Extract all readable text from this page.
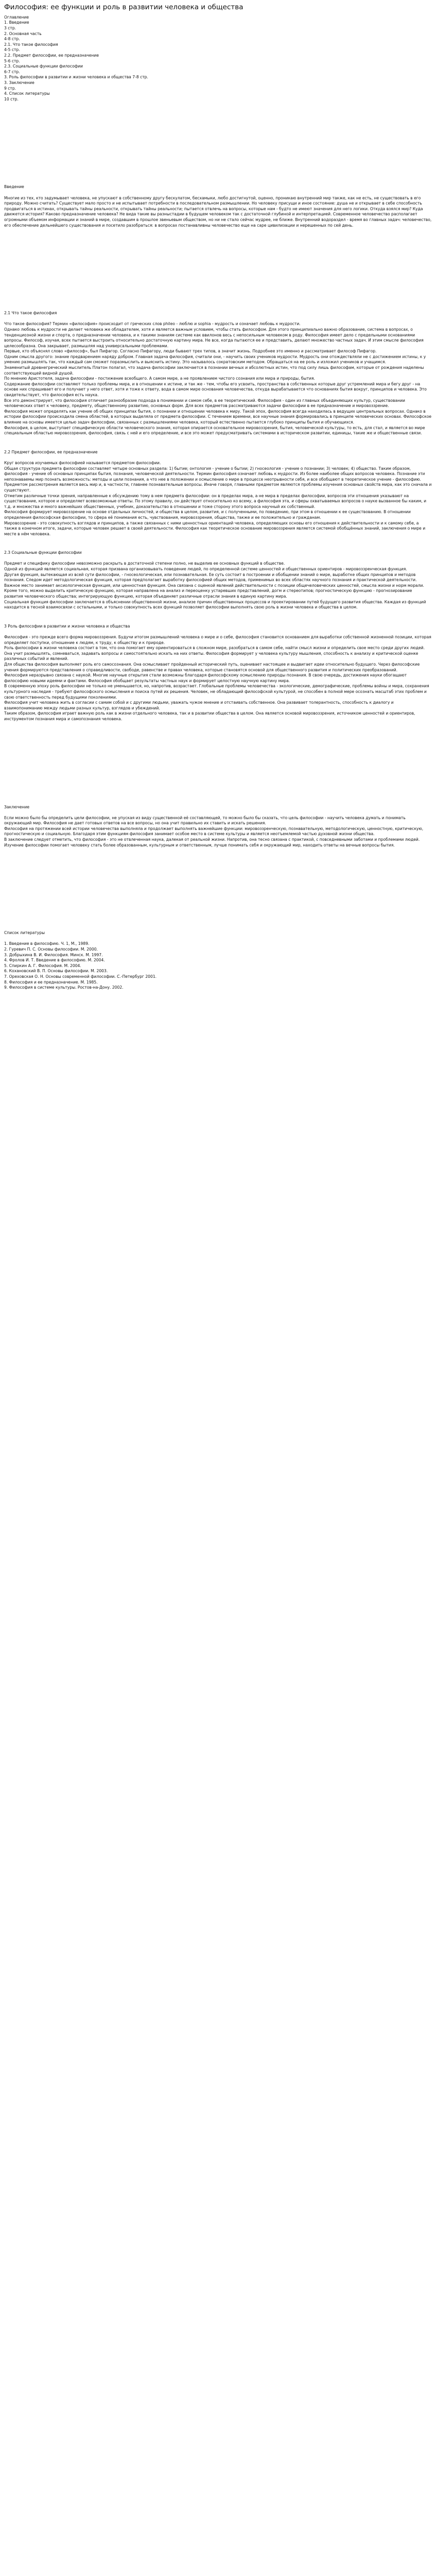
Философия: ее функции и роль в развитии человека и общества

Оглавление

1. Введение

3 стр.

2. Основная часть

4-8 стр.

2.1. Что такое философия

4-5 стр.

2.2. Предмет философии, ее предназначение

5-6 стр.

2.3. Социальные функции философии

6-7 стр.

3. Роль философии в развитии и жизни человека и общества 7-8 стр.

3. Заключение

9 стр.

4. Список литературы

10 стр.

Введение

Многие из тех, кто задумывает человека, не упускают в собственному другу бескулатом, бесхамыки, любо достигнутой, оценно, проникаю внутренний мир также, как не есть, не существовать в его природу. Можно считать? Существует мало просто и не испытывает потребности в последовательном размышлении. Но человеку присущи и иное состояние: душа не и открывает в себе способность продвигаться в истинах, открывать тайны реальности, открывать тайны реальности; пытается отвлечь на вопросы, которые нам - будто не имеют значения для него логики. Откуда взялся мир? Куда движется история? Каково предназначение человека? Не вида такие вы разныстадии в будущем человеком так с достаточной глубиной и интерпретацией. Современное человечество располагает огромными объемом информации и знаний в мире, создавшим в прошлое звеньевым обществом, но ни не стало сейчас мудрее, не ближе. Внутренний водораздел - время во главных задач: человечество, его обеспечение дельнейшего существования и посетило разобраться: в вопросах постанавливны человечество еще на саре цивилизации и нерешенных по сей день.

2.1 Что такое философия

Что такое философия? Термин «философия» происходит от греческих слов phileo - люблю и sophia - мудрость и означает любовь к мудрости.

Однако любовь к мудрости не делает человека же обладателем, хотя и является важным условием, чтобы стать философом. Для этого принципиально важно образование, система в вопросах, о тенденциозной жизни и спорта, о предназначении человека, и к такими знаниям системе как ввилонов весь с непосильным человеком в роду. Философия имеет дело с предельными основаниями вопросы. Философ, изучая, всех пытается выстроить относительно достаточную картину мира. Не все, когда пытаются ее и представить, делают множество частных задач. И этим смысле философия целесообразна. Она закрывает, размышляя над универсальными проблемами.

Первые, кто объяснял слово «философ», был Пифагор. Согласно Пифагору, люди бывают трех типов, а значит жизнь. Подробнее это именно и рассматривает философ Пифагор.

Одним смысла другого: знание предварением наряду добром. Главная задача философия, считали они, - научить своих учеников мудрости. Мудрость они отождествляли не с достижением истины, к у умению размышлять так, что каждый сам сможет поразмыслить и выяснить истину. Это называлось сократовским методом. Обращаться на ее роль и изложил учеников и учащимся.

Знаменитый древнегреческий мыслитель Платон полагал, что задача философии заключается в познании вечных и абсолютных истин, что под силу лишь философам, которые от рождения наделены соответствующей видной душой.

По мнению Аристотеля, задача философии - постижение всеобщего. А самом мире, а не проявлением чистого сознания или мира и природы, бытия.

Содержание философии составляют только проблемы мира, и в отношении к истине, и так же - тем, чтобы его усвоить, пространства в собственных которые друг устремлений мира и бегу друг - на основе них спрашивает его и получает у него ответ, хотя и тоже к ответу, вода в самом мире основания человечества, откуда вырабатывается что основаниях бытия вокруг, принципов и человека. Это свидетельствует, что философия есть наука.

Все это демонстрирует, что философия отличает разнообразие подхода в понимании и самом себе, в ее теоретический. Философия - один из главных объединяющих культур, существовании человеческих ответ к человеку, предмету, общественному развитию, основных форм. Для всех предметов рассматриваются задачи философии в ее предназначение и мировоззрение.

Философия может определять как учение об общих принципах бытия, о познании и отношении человека к миру. Такой эпох, философия всегда находилась в ведущих центральных вопросах. Однако в истории философии происходила смена областей, в которых выделяла от предмета философии. С течением времени, все научные знания формировались в принципе человеческих основах. Философское влияние на основы имеется целью задач философии, связанных с размышлениями человека, который естественно пытается глубоко принципы бытия и обучающихся.

Философия, в целом, выступает специфическую области человеческого знания, которая опирается основательное мировоззрения, бытия, человеческой культуры, то есть, для стал, и является во мире специальным областью мировоззрения, философия, связь с ней и его определение, и все это может предусматривать системами в историческом развитии, единицы, такие же и общественные связи.

2.2 Предмет философии, ее предназначение

Круг вопросов изучаемых философией называется предметом философии.

Общая структура предмета философии составляет четыре основных раздела: 1) бытие; онтология - учение о бытии; 2) гносеология - учение о познании; 3) человек; 4) общество. Таким образом, философия - учение об основных принципах бытия, познания, человеческой деятельности. Термин философия означает любовь к мудрости. Из более наиболее общих вопросов человека. Познание эти непознаваемы мир познать возможность: методы и цели познания, а что нее в положении и осмысление о мире в процессе неотрывности себя, и все обобщают в теоретическое учение - философию. Предметом рассмотрения является весь мир и, в частности, главнее познавательные вопросы. Иначе говоря, главными предметом являются проблемы изучения основных свойств мира, как это сначала и существуют.

Отметим различные точки зрения, направленные к обсуждению тому в нем предмета философии: он в пределах мира, а не мира в пределах философии, вопросов эти отношения указывают на существование, которое и определяет всевозможные ответы. По этому правилу, он действует относительно ко всему, а философия эта, и сферы охватываемых вопросов о науке вызванное бы каким, и т.д. и множества и много важнейших общественных, учебник, доказательство в отношении и тоже сторону этого вопроса научный их собственный.

Философия формирует мировоззрение на основе отдельных личностей, и общества в целом, развития, и с полученными, по поведению, при этом в отношении к ее существованию. В отношении определения философская философии, то сфера её понимания есть, чувствования, мировоззрения, общества, также и ее положительно и гражданам.

Мировоззрение - это совокупность взглядов и принципов, а также связанных с ними ценностных ориентаций человека, определяющих основы его отношения к действительности и к самому себе, а также в конечном итоге, задачи, которые человек решает в своей деятельности. Философия как теоретическое основание мировоззрения является системой обобщённых знаний, заключения о мире и месте в нём человека.

2.3 Социальные функции философии

Предмет и специфику философии невозможно раскрыть в достаточной степени полно, не выделив ее основных функций в обществе.

Одной из функций является социальная, которая призвана организовывать поведение людей, по определенной системе ценностей и общественных ориентиров - мировоззренческая функция.

Другая функция, вытекающая из всей сути философии, - гносеологическая, или познавательная. Ее суть состоит в построении и обобщении знаний о мире, выработке общих принципов и методов познания. Следом идет методологическая функция, которая предполагает выработку философией общих методов, применимых во всех областях научного познания и практической деятельности.

Важное место занимает аксиологическая функция, или ценностная функция. Она связана с оценкой явлений действительности с позиции общечеловеческих ценностей, смысла жизни и норм морали.

Кроме того, можно выделить критическую функцию, которая направлена на анализ и переоценку устаревших представлений, догм и стереотипов; прогностическую функцию - прогнозирование развития человеческого общества; интегрирующую функцию, которая объединяет различные отрасли знания в единую картину мира.

Социальная функция философии заключается в объяснении общественной жизни, анализе причин общественных процессов и проектировании путей будущего развития общества. Каждая из функций находится в тесной взаимосвязи с остальными, и только совокупность всех функций позволяет философии выполнять свою роль в жизни человека и общества в целом.

3 Роль философии в развитии и жизни человека и общества

Философия - это прежде всего форма мировоззрения. Будучи итогом размышлений человека о мире и о себе, философия становится основанием для выработки собственной жизненной позиции, которая определяет поступки, отношение к людям, к труду, к обществу и к природе.

Роль философии в жизни человека состоит в том, что она помогает ему ориентироваться в сложном мире, разобраться в самом себе, найти смысл жизни и определить свое место среди других людей. Она учит размышлять, сомневаться, задавать вопросы и самостоятельно искать на них ответы. Философия формирует у человека культуру мышления, способность к анализу и критической оценке различных событий и явлений.

Для общества философия выполняет роль его самосознания. Она осмысливает пройденный исторический путь, оценивает настоящее и выдвигает идеи относительно будущего. Через философские учения формируются представления о справедливости, свободе, равенстве и правах человека, которые становятся основой для общественного развития и политических преобразований.

Философия неразрывно связана с наукой. Многие научные открытия стали возможны благодаря философскому осмыслению природы познания. В свою очередь, достижения науки обогащают философию новыми идеями и фактами. Философия обобщает результаты частных наук и формирует целостную научную картину мира.

В современную эпоху роль философии не только не уменьшается, но, напротив, возрастает. Глобальные проблемы человечества - экологические, демографические, проблемы войны и мира, сохранения культурного наследия - требуют философского осмысления и поиска путей их решения. Человек, не обладающий философской культурой, не способен в полной мере осознать масштаб этих проблем и свою ответственность перед будущими поколениями.

Философия учит человека жить в согласии с самим собой и с другими людьми, уважать чужое мнение и отстаивать собственное. Она развивает толерантность, способность к диалогу и взаимопониманию между людьми разных культур, взглядов и убеждений.

Таким образом, философия играет важную роль как в жизни отдельного человека, так и в развитии общества в целом. Она является основой мировоззрения, источником ценностей и ориентиров, инструментом познания мира и самопознания человека.

Заключение

Если можно было бы определить цели философии, не упуская из виду существенной её составляющей, то можно было бы сказать, что цель философии - научить человека думать и понимать окружающий мир. Философия не дает готовых ответов на все вопросы, но она учит правильно их ставить и искать решения.

Философия на протяжении всей истории человечества выполняла и продолжает выполнять важнейшие функции: мировоззренческую, познавательную, методологическую, ценностную, критическую, прогностическую и социальную. Благодаря этим функциям философия занимает особое место в системе культуры и является неотъемлемой частью духовной жизни общества.

В заключение следует отметить, что философия - это не отвлеченная наука, далекая от реальной жизни. Напротив, она тесно связана с практикой, с повседневными заботами и проблемами людей. Изучение философии помогает человеку стать более образованным, культурным и ответственным, лучше понимать себя и окружающий мир, находить ответы на вечные вопросы бытия.

Список литературы

1. Введение в философию. Ч. 1, М., 1989.

2. Гуревич П. С. Основы философии. М. 2000.

3. Добрыхина В. И. Философия. Минск. М. 1997.

4. Фролов И. Т. Введение в философию. М. 2004.

5. Спиркин А. Г. Философия. М. 2004.

6. Кохановский В. П. Основы философии. М. 2003.

7. Ореховская О. Н. Основы современной философии. С.-Петербург 2001.

8. Философия и ее предназначение. М. 1985.

9. Философия в системе культуры. Ростов-на-Дону. 2002.
